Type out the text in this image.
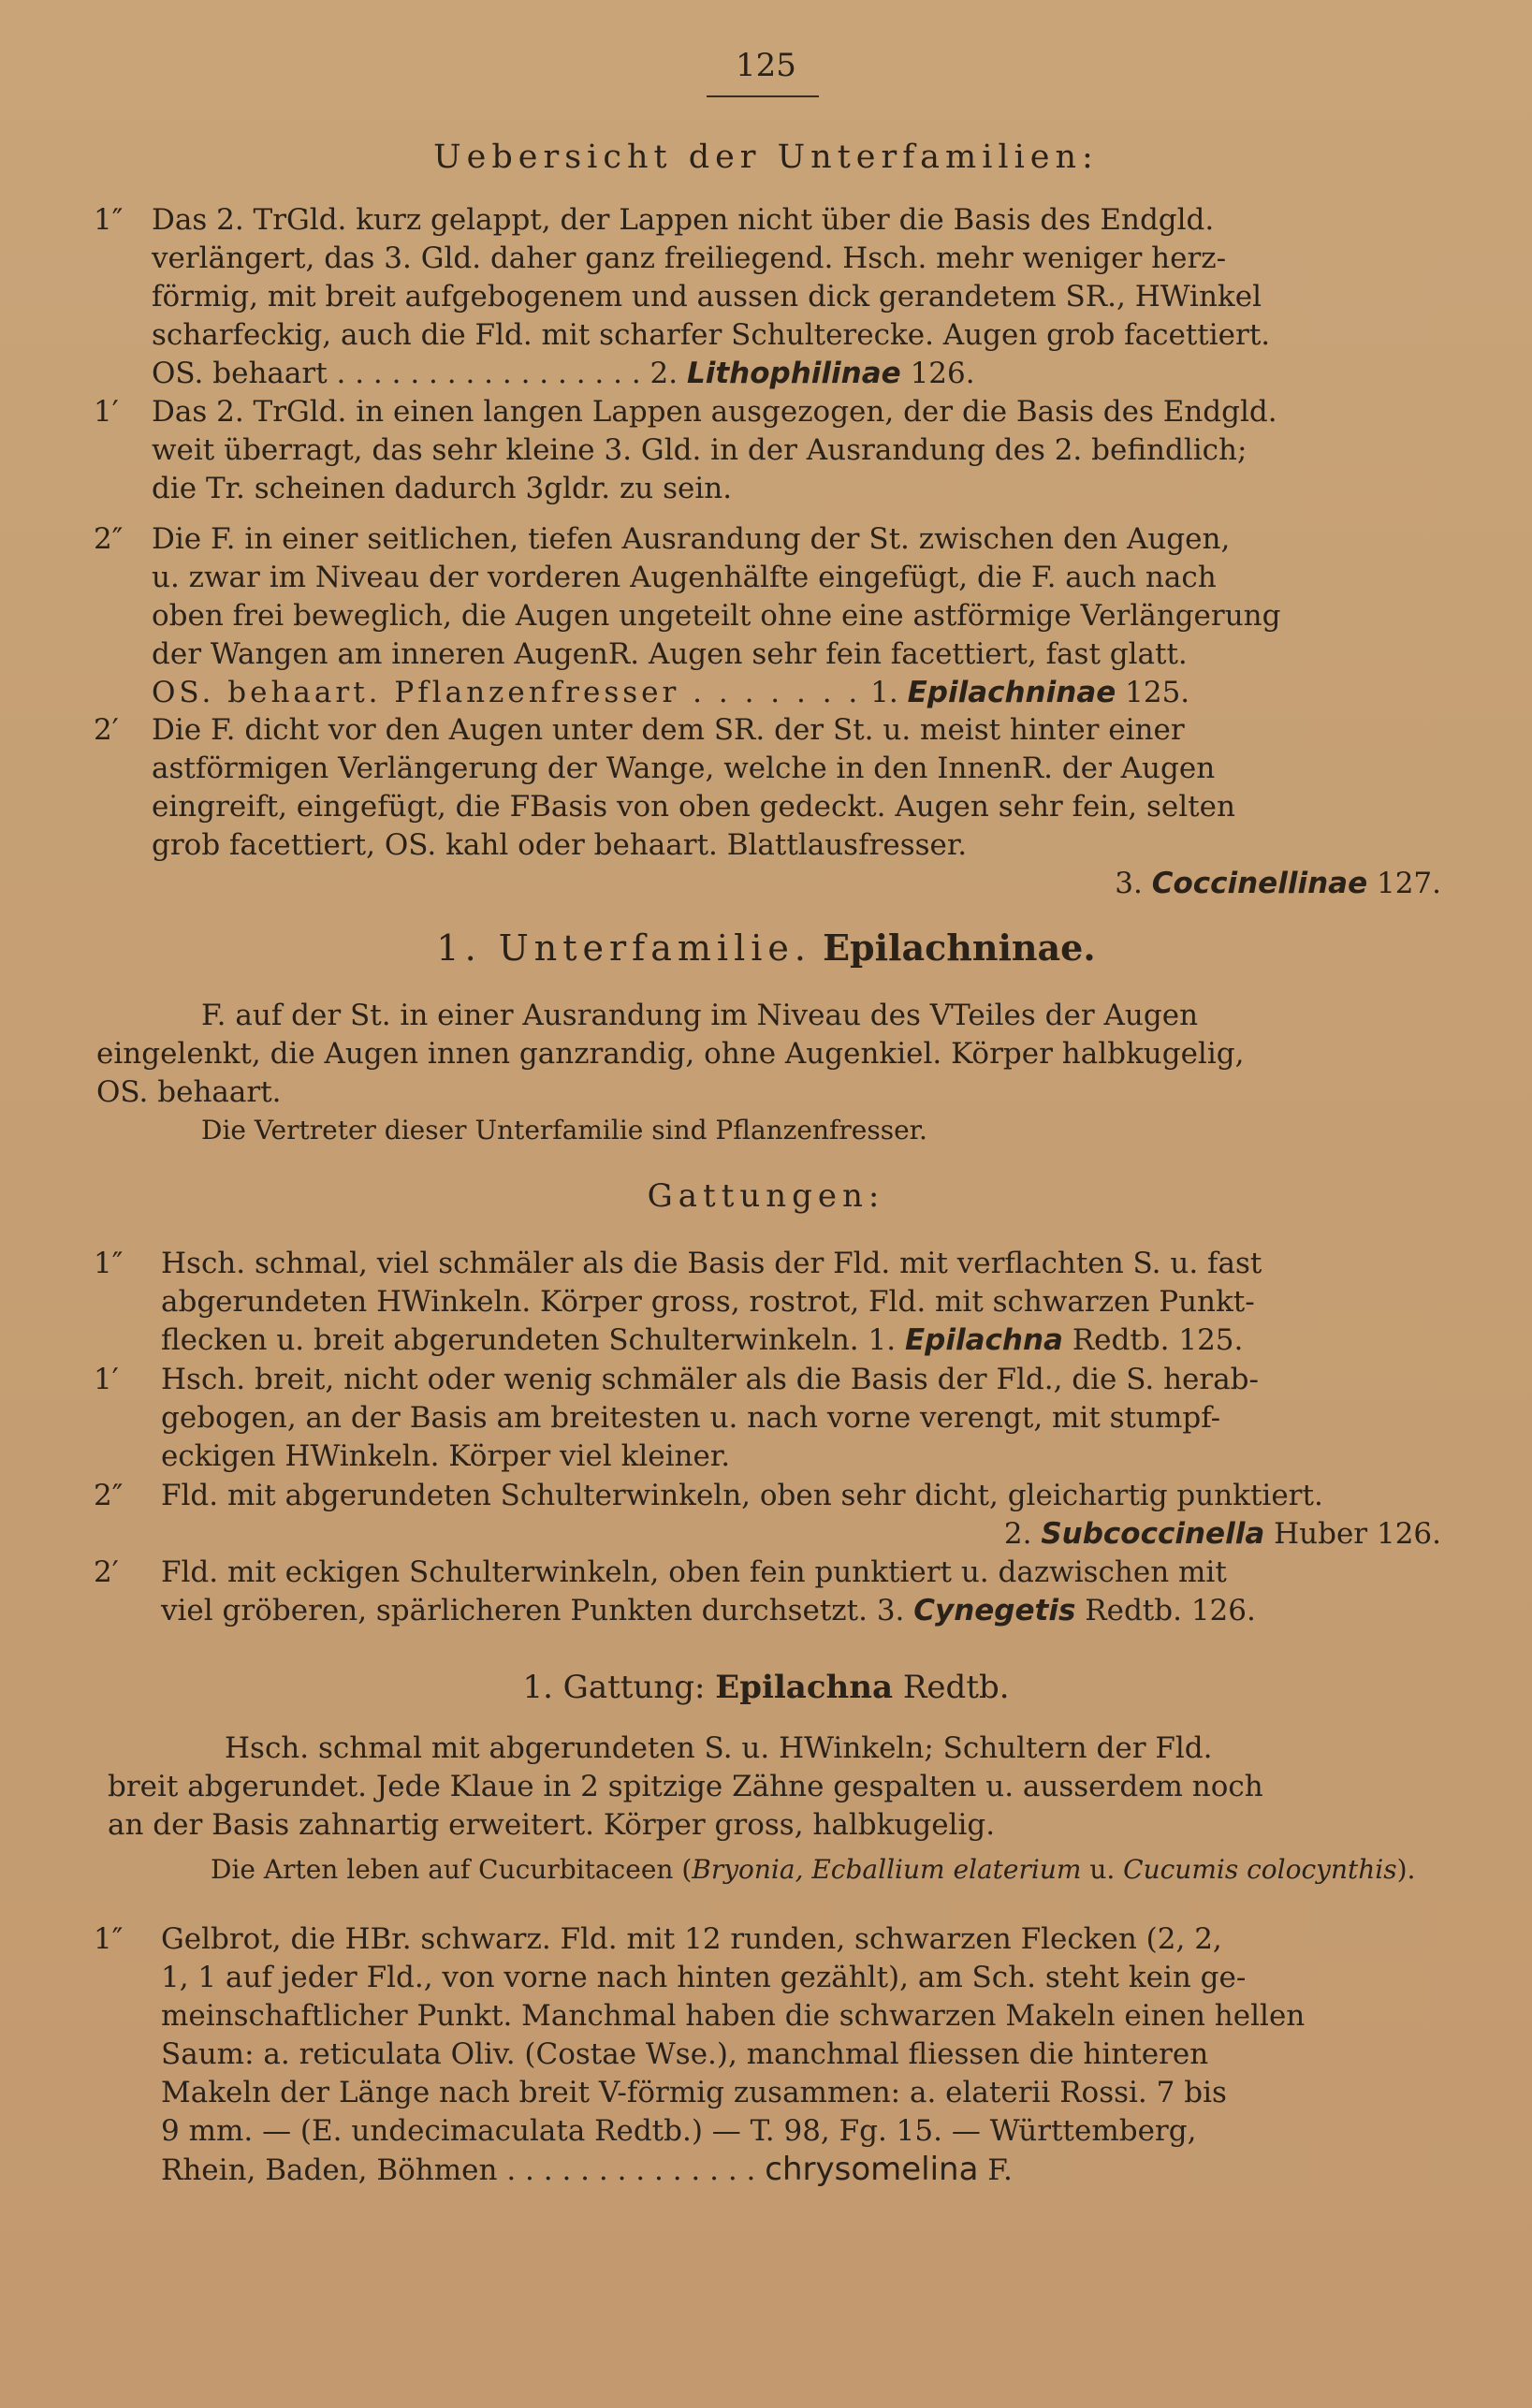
125
Uebersicht der Unterfamilien:
1″ Das 2. TrGld. kurz gelappt, der Lappen nicht über die Basis des Endgld.
verlängert, das 3. Gld. daher ganz freiliegend. Hsch. mehr weniger herz-
förmig, mit breit aufgebogenem und aussen dick gerandetem SR., HWinkel
scharfeckig, auch die Fld. mit scharfer Schulterecke. Augen grob facettiert.
OS. behaart . . . . . . . . . . . . . . . . . 2. Lithophilinae 126.
1′	Das 2. TrGld. in einen langen Lappen ausgezogen, der die Basis des Endgld.
weit überragt, das sehr kleine 3. Gld. in der Ausrandung des 2. befindlich;
die Tr. scheinen dadurch 3gldr. zu sein.
2″ Die F. in einer seitlichen, tiefen Ausrandung der St. zwischen den Augen,
u. zwar im Niveau der vorderen Augenhälfte eingefügt, die F. auch nach
oben frei beweglich, die Augen ungeteilt ohne eine astförmige Verlängerung
der Wangen am inneren AugenR. Augen sehr fein facettiert, fast glatt.
OS. behaart. Pflanzenfresser . . . . . . . 1. Epilachninae 125.
2′	Die F. dicht vor den Augen unter dem SR. der St. u. meist hinter einer
astförmigen Verlängerung der Wange, welche in den InnenR. der Augen
eingreift, eingefügt, die FBasis von oben gedeckt. Augen sehr fein, selten
grob facettiert, OS. kahl oder behaart. Blattlausfresser.
3. Coccinellinae 127.
1. Unterfamilie. Epilachninae.
F. auf der St. in einer Ausrandung im Niveau des VTeiles der Augen
eingelenkt, die Augen innen ganzrandig, ohne Augenkiel. Körper halbkugelig,
OS. behaart.
Die Vertreter dieser Unterfamilie sind Pflanzenfresser.
Gattungen:
1″	Hsch. schmal, viel schmäler als die Basis der Fld. mit verflachten S. u. fast
abgerundeten HWinkeln. Körper gross, rostrot, Fld. mit schwarzen Punkt-
flecken u. breit abgerundeten Schulterwinkeln. 1. Epilachna Redtb. 125.
1′	Hsch. breit, nicht oder wenig schmäler als die Basis der Fld., die S. herab-
gebogen, an der Basis am breitesten u. nach vorne verengt, mit stumpf-
eckigen HWinkeln. Körper viel kleiner.
2″	Fld. mit abgerundeten Schulterwinkeln, oben sehr dicht, gleichartig punktiert.
2. Subcoccinella Huber 126.
2′	Fld. mit eckigen Schulterwinkeln, oben fein punktiert u. dazwischen mit
viel gröberen, spärlicheren Punkten durchsetzt. 3. Cynegetis Redtb. 126.
1. Gattung: Epilachna Redtb.
Hsch. schmal mit abgerundeten S. u. HWinkeln; Schultern der Fld.
breit abgerundet. Jede Klaue in 2 spitzige Zähne gespalten u. ausserdem noch
an der Basis zahnartig erweitert. Körper gross, halbkugelig.
Die Arten leben auf Cucurbitaceen (Bryonia, Ecballium elaterium u. Cucumis colocynthis).
1″	Gelbrot, die HBr. schwarz. Fld. mit 12 runden, schwarzen Flecken (2, 2,
1, 1 auf jeder Fld., von vorne nach hinten gezählt), am Sch. steht kein ge-
meinschaftlicher Punkt. Manchmal haben die schwarzen Makeln einen hellen
Saum: a. reticulata Oliv. (Costae Wse.), manchmal fliessen die hinteren
Makeln der Länge nach breit V-förmig zusammen: a. elaterii Rossi. 7 bis
9 mm. — (E. undecimaculata Redtb.) — T. 98, Fg. 15. — Württemberg,
Rhein, Baden, Böhmen . . . . . . . . . . . . . . chrysomelina F.
